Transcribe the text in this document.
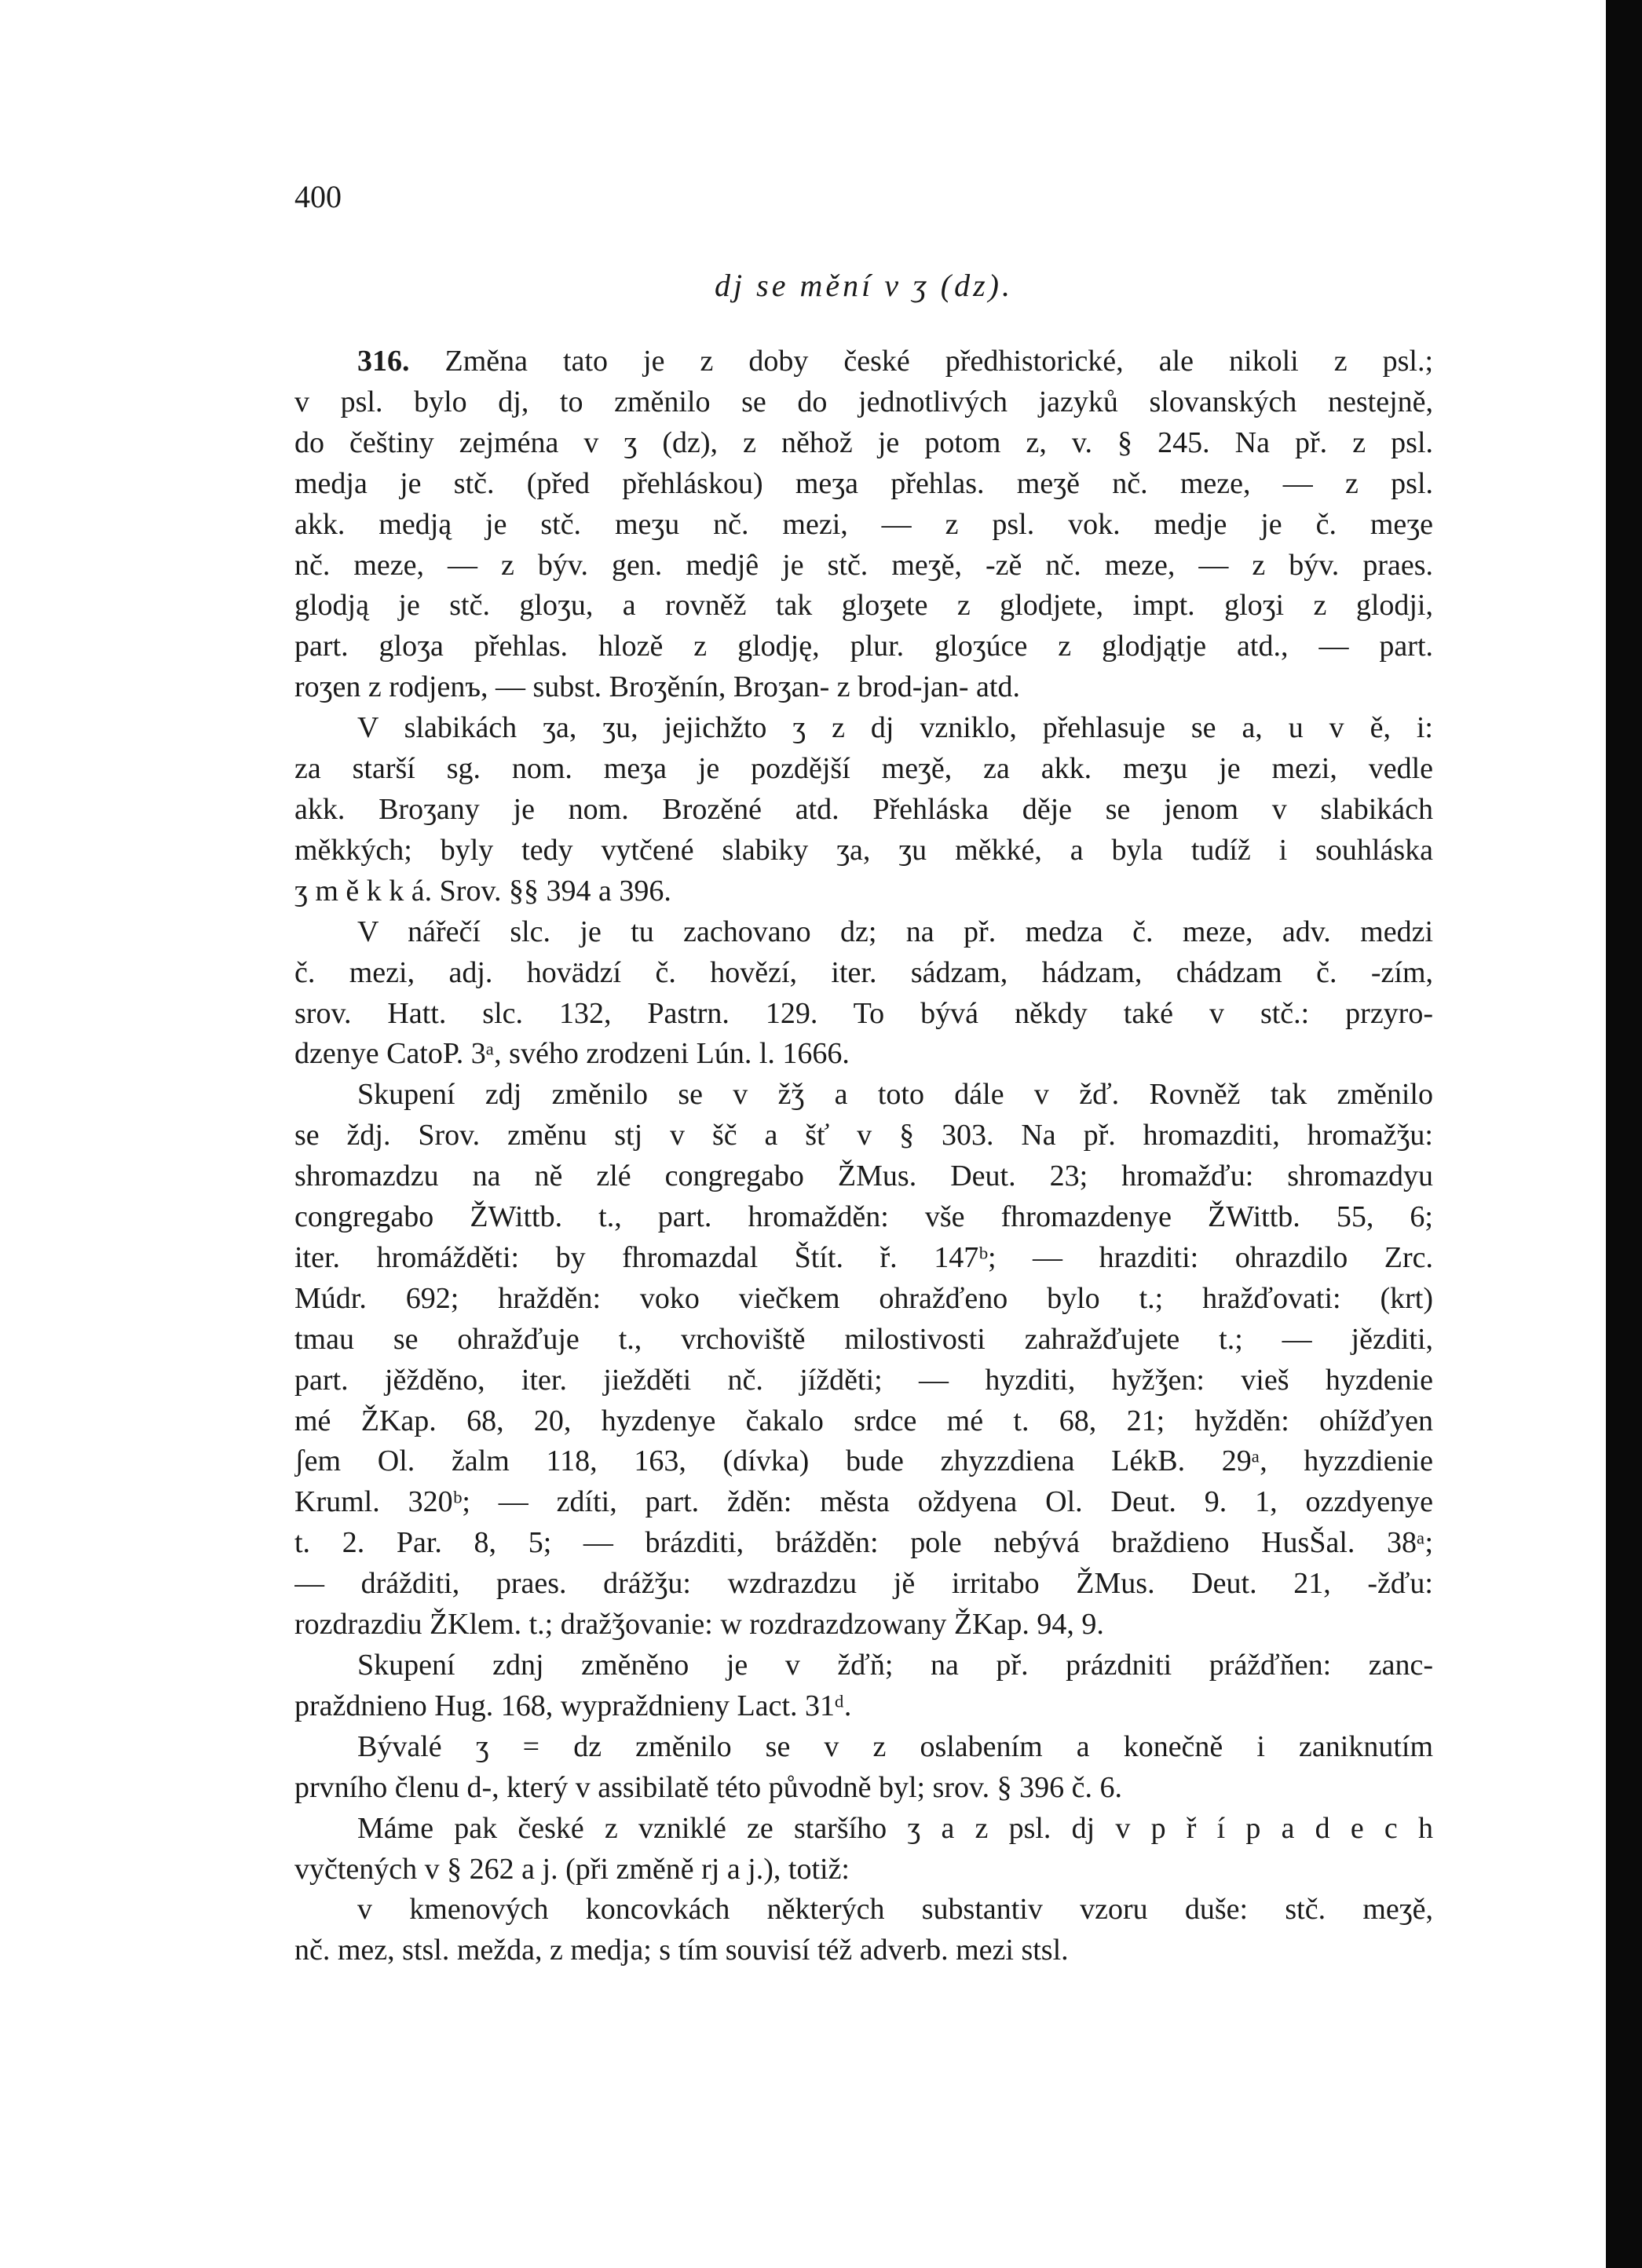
400
dj se mění v ʒ (dz).
316. Změna tato je z doby české předhistorické, ale nikoli z psl.;
v psl. bylo dj, to změnilo se do jednotlivých jazyků slovanských nestejně,
do češtiny zejména v ʒ (dz), z něhož je potom z, v. § 245. Na př. z psl.
medja je stč. (před přehláskou) meʒa přehlas. meʒě nč. meze, — z psl.
akk. medją je stč. meʒu nč. mezi, — z psl. vok. medje je č. meʒe
nč. meze, — z býv. gen. medjê je stč. meʒě, -zě nč. meze, — z býv. praes.
glodją je stč. gloʒu, a rovněž tak gloʒete z glodjete, impt. gloʒi z glodji,
part. gloʒa přehlas. hlozě z glodję, plur. gloʒúce z glodjątje atd., — part.
roʒen z rodjenъ, — subst. Broʒěnín, Broʒan- z brod-jan- atd.
V slabikách ʒa, ʒu, jejichžto ʒ z dj vzniklo, přehlasuje se a, u v ě, i:
za starší sg. nom. meʒa je pozdější meʒě, za akk. meʒu je mezi, vedle
akk. Broʒany je nom. Brozěné atd. Přehláska děje se jenom v slabikách
měkkých; byly tedy vytčené slabiky ʒa, ʒu měkké, a byla tudíž i souhláska
ʒ m ě k k á. Srov. §§ 394 a 396.
V nářečí slc. je tu zachovano dz; na př. medza č. meze, adv. medzi
č. mezi, adj. hovädzí č. hovězí, iter. sádzam, hádzam, chádzam č. -zím,
srov. Hatt. slc. 132, Pastrn. 129. To bývá někdy také v stč.: przyro-
dzenye CatoP. 3ᵃ, svého zrodzeni Lún. l. 1666.
Skupení zdj změnilo se v žǯ a toto dále v žď. Rovněž tak změnilo
se ždj. Srov. změnu stj v šč a šť v § 303. Na př. hromazditi, hromažǯu:
shromazdzu na ně zlé congregabo ŽMus. Deut. 23; hromažďu: shromazdyu
congregabo ŽWittb. t., part. hromažděn: vše fhromazdenye ŽWittb. 55, 6;
iter. hromážděti: by fhromazdal Štít. ř. 147ᵇ; — hrazditi: ohrazdilo Zrc.
Múdr. 692; hražděn: voko viečkem ohražďeno bylo t.; hražďovati: (krt)
tmau se ohražďuje t., vrchoviště milostivosti zahražďujete t.; — jězditi,
part. jěžděno, iter. jiežděti nč. jížděti; — hyzditi, hyžǯen: vieš hyzdenie
mé ŽKap. 68, 20, hyzdenye čakalo srdce mé t. 68, 21; hyžděn: ohížďyen
ʃem Ol. žalm 118, 163, (dívka) bude zhyzzdiena LékB. 29ᵃ, hyzzdienie
Kruml. 320ᵇ; — zdíti, part. žděn: města oždyena Ol. Deut. 9. 1, ozzdyenye
t. 2. Par. 8, 5; — brázditi, brážděn: pole nebývá braždieno HusŠal. 38ᵃ;
— drážditi, praes. drážǯu: wzdrazdzu jě irritabo ŽMus. Deut. 21, -žďu:
rozdrazdiu ŽKlem. t.; dražǯovanie: w rozdrazdzowany ŽKap. 94, 9.
Skupení zdnj změněno je v žďň; na př. prázdniti prážďňen: zanc-
praždnieno Hug. 168, wypraždnieny Lact. 31ᵈ.
Bývalé ʒ = dz změnilo se v z oslabením a konečně i zaniknutím
prvního členu d-, který v assibilatě této původně byl; srov. § 396 č. 6.
Máme pak české z vzniklé ze staršího ʒ a z psl. dj v p ř í p a d e c h
vyčtených v § 262 a j. (při změně rj a j.), totiž:
v kmenových koncovkách některých substantiv vzoru duše: stč. meʒě,
nč. mez, stsl. mežda, z medja; s tím souvisí též adverb. mezi stsl.
